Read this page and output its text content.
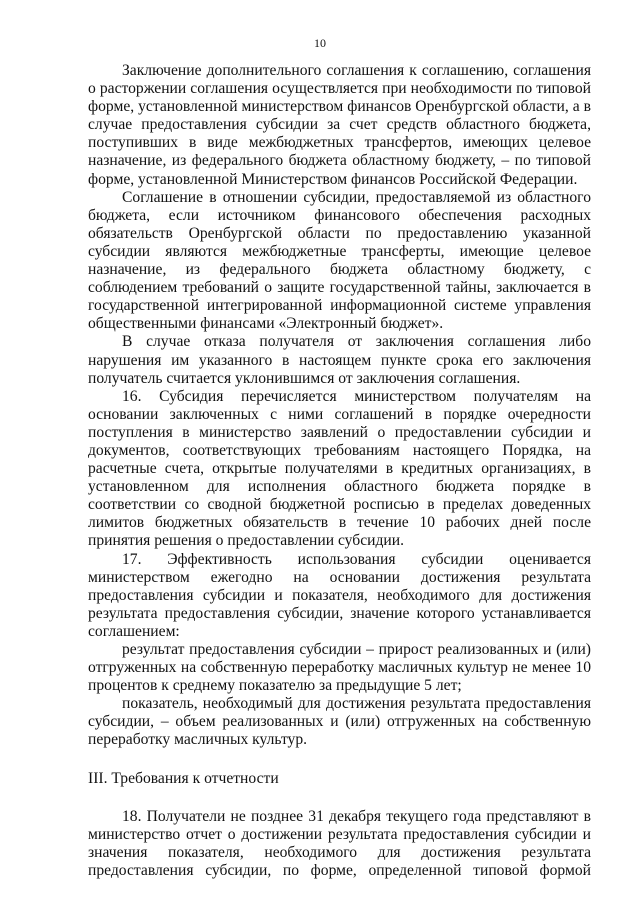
10

Заключение дополнительного соглашения к соглашению, соглашения о расторжении соглашения осуществляется при необходимости по типовой форме, установленной министерством финансов Оренбургской области, а в случае предоставления субсидии за счет средств областного бюджета, поступивших в виде межбюджетных трансфертов, имеющих целевое назначение, из федерального бюджета областному бюджету, – по типовой форме, установленной Министерством финансов Российской Федерации.

Соглашение в отношении субсидии, предоставляемой из областного бюджета, если источником финансового обеспечения расходных обязательств Оренбургской области по предоставлению указанной субсидии являются межбюджетные трансферты, имеющие целевое назначение, из федерального бюджета областному бюджету, с соблюдением требований о защите государственной тайны, заключается в государственной интегрированной информационной системе управления общественными финансами «Электронный бюджет».

В случае отказа получателя от заключения соглашения либо нарушения им указанного в настоящем пункте срока его заключения получатель считается уклонившимся от заключения соглашения.

16. Субсидия перечисляется министерством получателям на основании заключенных с ними соглашений в порядке очередности поступления в министерство заявлений о предоставлении субсидии и документов, соответствующих требованиям настоящего Порядка, на расчетные счета, открытые получателями в кредитных организациях, в установленном для исполнения областного бюджета порядке в соответствии со сводной бюджетной росписью в пределах доведенных лимитов бюджетных обязательств в течение 10 рабочих дней после принятия решения о предоставлении субсидии.

17. Эффективность использования субсидии оценивается министерством ежегодно на основании достижения результата предоставления субсидии и показателя, необходимого для достижения результата предоставления субсидии, значение которого устанавливается соглашением:

результат предоставления субсидии – прирост реализованных и (или) отгруженных на собственную переработку масличных культур не менее 10 процентов к среднему показателю за предыдущие 5 лет;

показатель, необходимый для достижения результата предоставления субсидии, – объем реализованных и (или) отгруженных на собственную переработку масличных культур.

III. Требования к отчетности

18. Получатели не позднее 31 декабря текущего года представляют в министерство отчет о достижении результата предоставления субсидии и значения показателя, необходимого для достижения результата предоставления субсидии, по форме, определенной типовой формой
